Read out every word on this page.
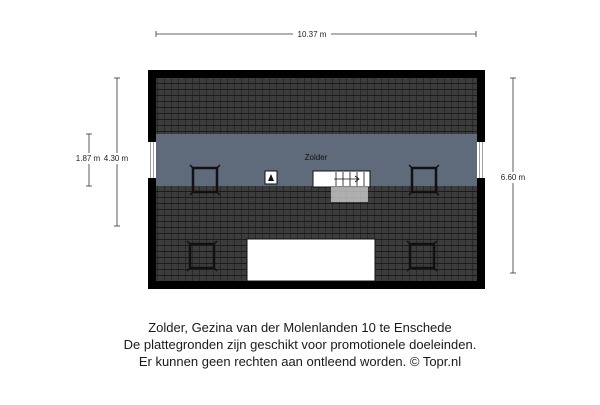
Zolder
10.37 m
1.87 m 4.30 m
6.60 m
Zolder, Gezina van der Molenlanden 10 te Enschede
De plattegronden zijn geschikt voor promotionele doeleinden.
Er kunnen geen rechten aan ontleend worden. © Topr.nl
